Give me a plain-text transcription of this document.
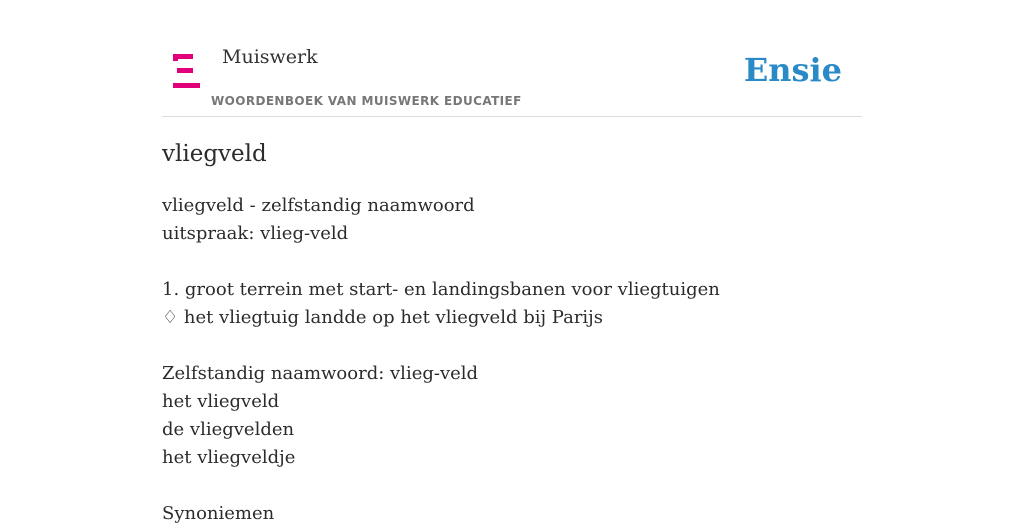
Muiswerk
WOORDENBOEK VAN MUISWERK EDUCATIEF
Ensie
vliegveld
vliegveld - zelfstandig naamwoord
uitspraak: vlieg-veld
1. groot terrein met start- en landingsbanen voor vliegtuigen
♢ het vliegtuig landde op het vliegveld bij Parijs
Zelfstandig naamwoord: vlieg-veld
het vliegveld
de vliegvelden
het vliegveldje
Synoniemen
